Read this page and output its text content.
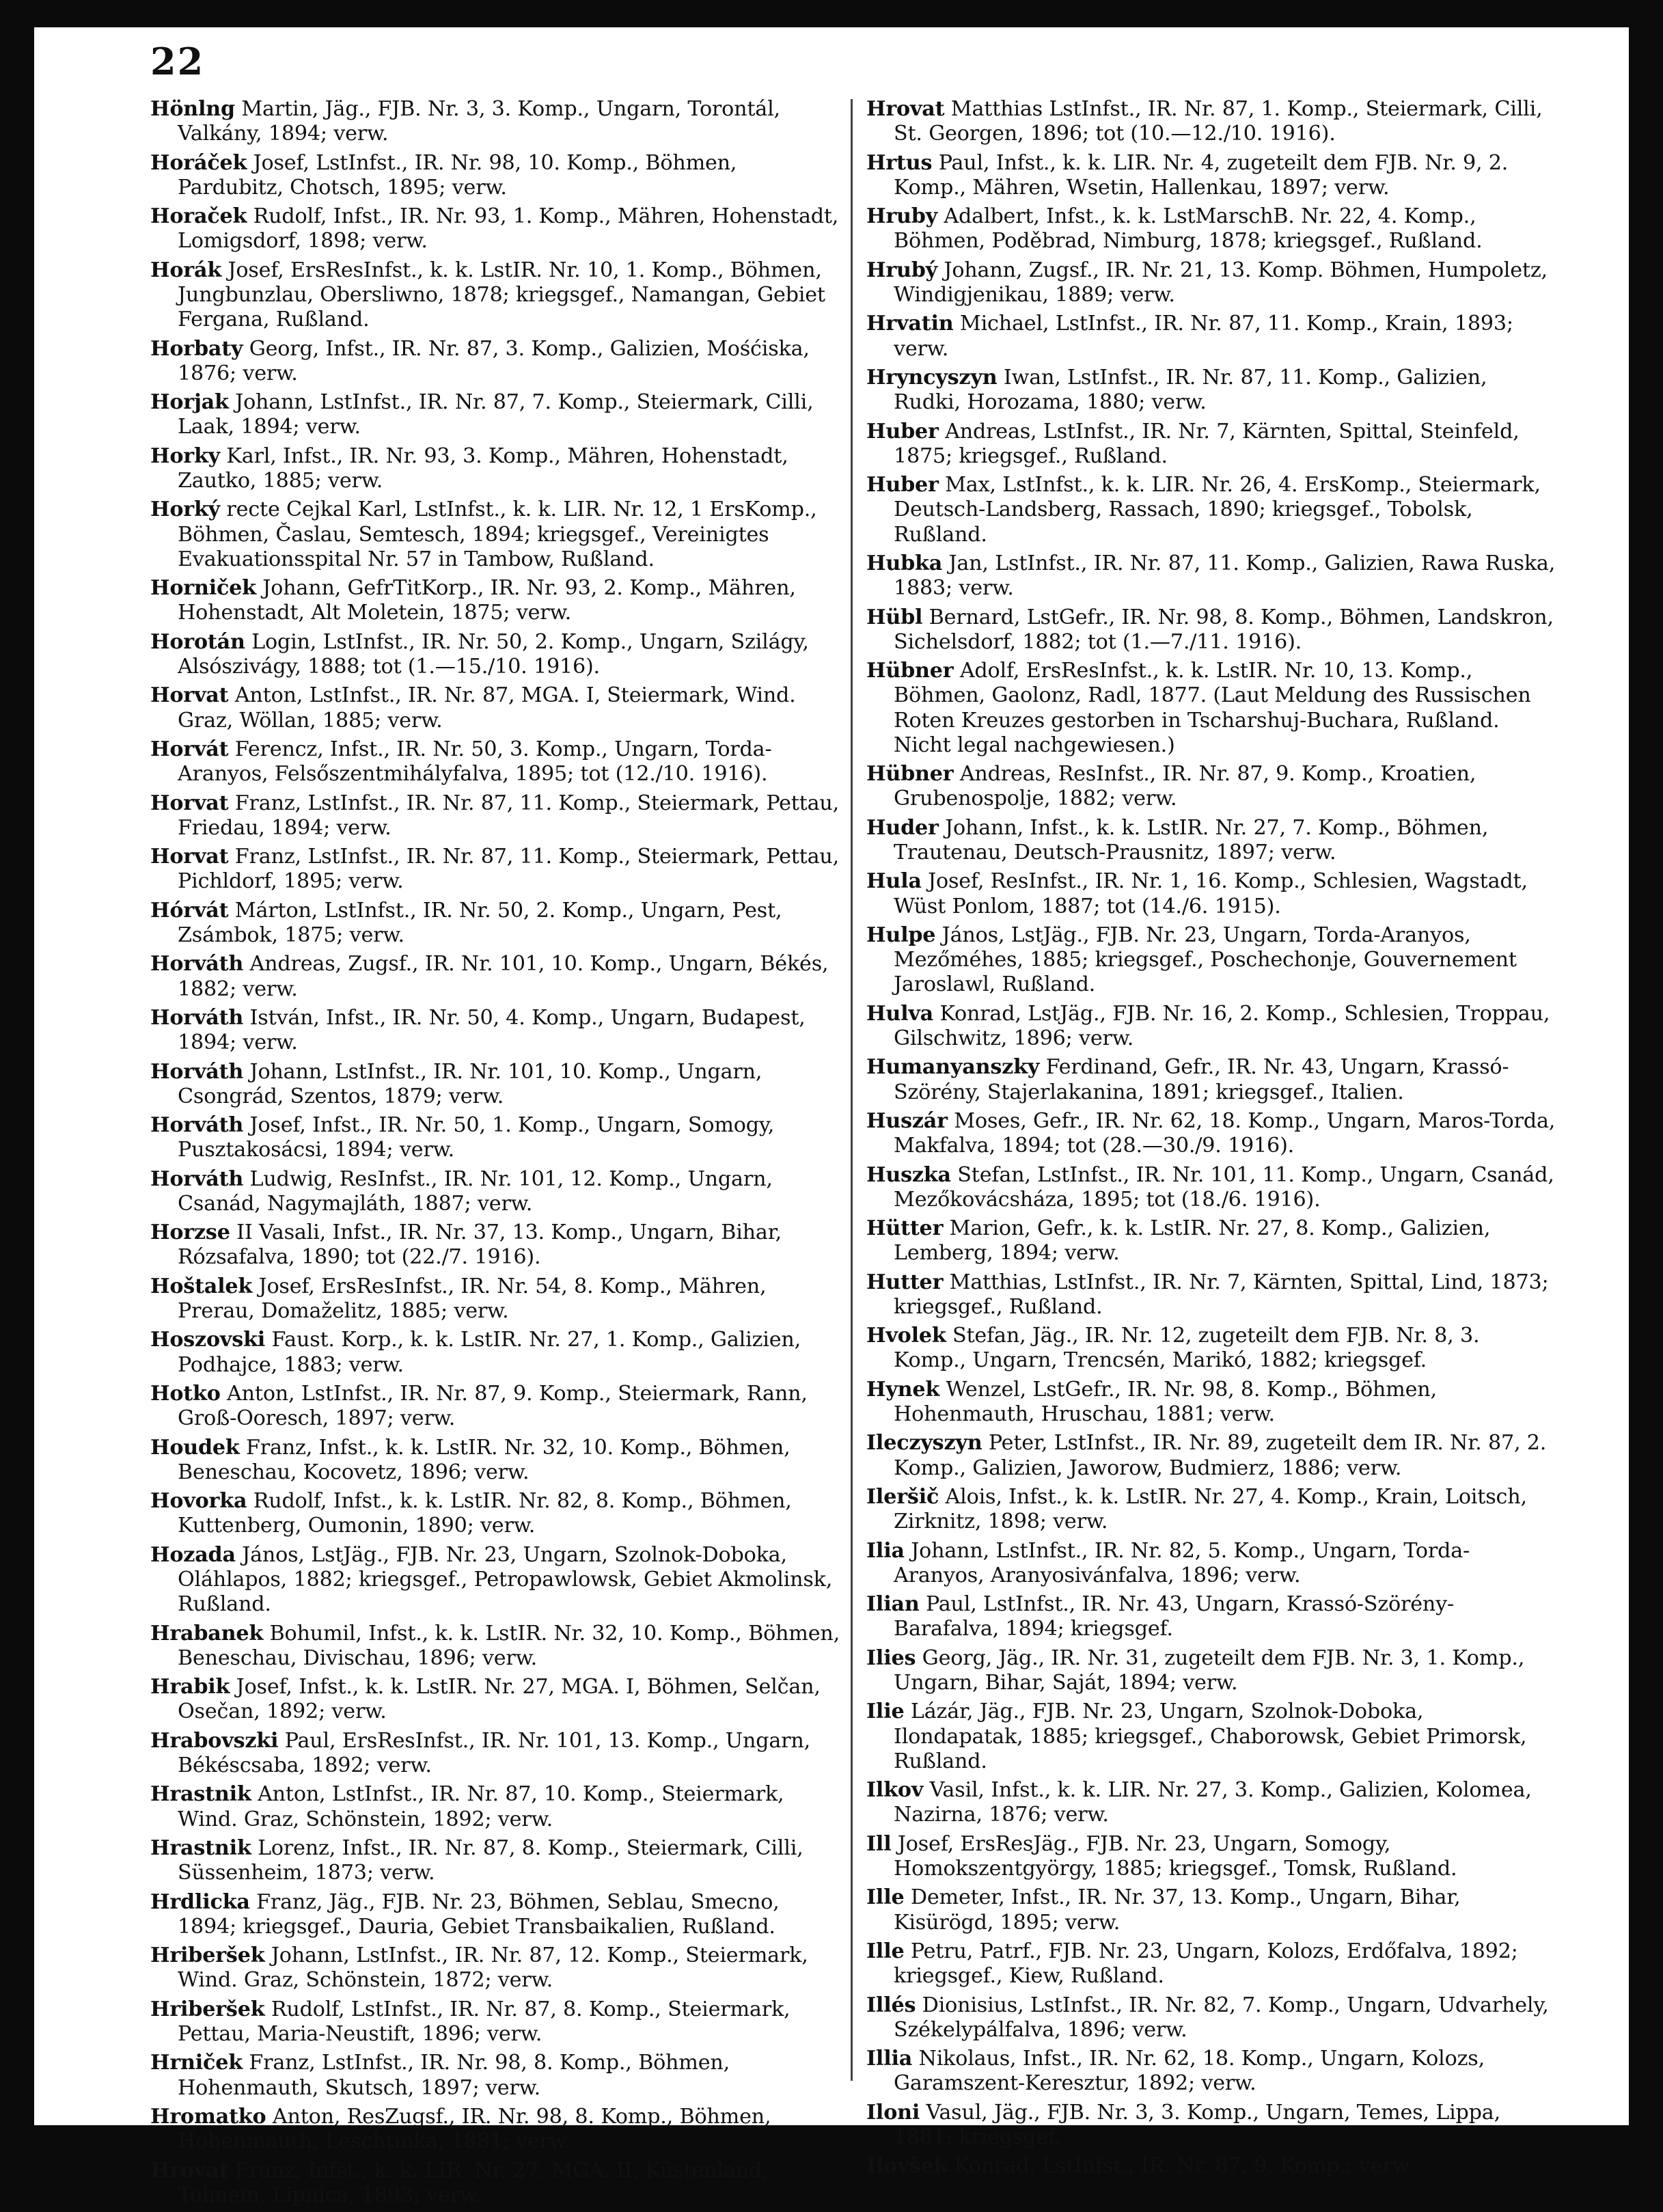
22

Hönlng Martin, Jäg., FJB. Nr. 3, 3. Komp., Ungarn, Torontál, Valkány, 1894; verw.

Horáček Josef, LstInfst., IR. Nr. 98, 10. Komp., Böhmen, Pardubitz, Chotsch, 1895; verw.

Horaček Rudolf, Infst., IR. Nr. 93, 1. Komp., Mähren, Hohenstadt, Lomigsdorf, 1898; verw.

Horák Josef, ErsResInfst., k. k. LstIR. Nr. 10, 1. Komp., Böhmen, Jungbunzlau, Obersliwno, 1878; kriegsgef., Namangan, Gebiet Fergana, Rußland.

Horbaty Georg, Infst., IR. Nr. 87, 3. Komp., Galizien, Mośćiska, 1876; verw.

Horjak Johann, LstInfst., IR. Nr. 87, 7. Komp., Steiermark, Cilli, Laak, 1894; verw.

Horky Karl, Infst., IR. Nr. 93, 3. Komp., Mähren, Hohenstadt, Zautko, 1885; verw.

Horký recte Cejkal Karl, LstInfst., k. k. LIR. Nr. 12, 1 ErsKomp., Böhmen, Časlau, Semtesch, 1894; kriegsgef., Vereinigtes Evakuationsspital Nr. 57 in Tambow, Rußland.

Horniček Johann, GefrTitKorp., IR. Nr. 93, 2. Komp., Mähren, Hohenstadt, Alt Moletein, 1875; verw.

Horotán Login, LstInfst., IR. Nr. 50, 2. Komp., Ungarn, Szilágy, Alsószivágy, 1888; tot (1.—15./10. 1916).

Horvat Anton, LstInfst., IR. Nr. 87, MGA. I, Steiermark, Wind. Graz, Wöllan, 1885; verw.

Horvát Ferencz, Infst., IR. Nr. 50, 3. Komp., Ungarn, Torda-Aranyos, Felsőszentmihályfalva, 1895; tot (12./10. 1916).

Horvat Franz, LstInfst., IR. Nr. 87, 11. Komp., Steiermark, Pettau, Friedau, 1894; verw.

Horvat Franz, LstInfst., IR. Nr. 87, 11. Komp., Steiermark, Pettau, Pichldorf, 1895; verw.

Hórvát Márton, LstInfst., IR. Nr. 50, 2. Komp., Ungarn, Pest, Zsámbok, 1875; verw.

Horváth Andreas, Zugsf., IR. Nr. 101, 10. Komp., Ungarn, Békés, 1882; verw.

Horváth István, Infst., IR. Nr. 50, 4. Komp., Ungarn, Budapest, 1894; verw.

Horváth Johann, LstInfst., IR. Nr. 101, 10. Komp., Ungarn, Csongrád, Szentos, 1879; verw.

Horváth Josef, Infst., IR. Nr. 50, 1. Komp., Ungarn, Somogy, Pusztakosácsi, 1894; verw.

Horváth Ludwig, ResInfst., IR. Nr. 101, 12. Komp., Ungarn, Csanád, Nagymajláth, 1887; verw.

Horzse II Vasali, Infst., IR. Nr. 37, 13. Komp., Ungarn, Bihar, Rózsafalva, 1890; tot (22./7. 1916).

Hoštalek Josef, ErsResInfst., IR. Nr. 54, 8. Komp., Mähren, Prerau, Domaželitz, 1885; verw.

Hoszovski Faust. Korp., k. k. LstIR. Nr. 27, 1. Komp., Galizien, Podhajce, 1883; verw.

Hotko Anton, LstInfst., IR. Nr. 87, 9. Komp., Steiermark, Rann, Groß-Ooresch, 1897; verw.

Houdek Franz, Infst., k. k. LstIR. Nr. 32, 10. Komp., Böhmen, Beneschau, Kocovetz, 1896; verw.

Hovorka Rudolf, Infst., k. k. LstIR. Nr. 82, 8. Komp., Böhmen, Kuttenberg, Oumonin, 1890; verw.

Hozada János, LstJäg., FJB. Nr. 23, Ungarn, Szolnok-Doboka, Oláhlapos, 1882; kriegsgef., Petropawlowsk, Gebiet Akmolinsk, Rußland.

Hrabanek Bohumil, Infst., k. k. LstIR. Nr. 32, 10. Komp., Böhmen, Beneschau, Divischau, 1896; verw.

Hrabik Josef, Infst., k. k. LstIR. Nr. 27, MGA. I, Böhmen, Selčan, Osečan, 1892; verw.

Hrabovszki Paul, ErsResInfst., IR. Nr. 101, 13. Komp., Ungarn, Békéscsaba, 1892; verw.

Hrastnik Anton, LstInfst., IR. Nr. 87, 10. Komp., Steiermark, Wind. Graz, Schönstein, 1892; verw.

Hrastnik Lorenz, Infst., IR. Nr. 87, 8. Komp., Steiermark, Cilli, Süssenheim, 1873; verw.

Hrdlicka Franz, Jäg., FJB. Nr. 23, Böhmen, Seblau, Smecno, 1894; kriegsgef., Dauria, Gebiet Transbaikalien, Rußland.

Hriberšek Johann, LstInfst., IR. Nr. 87, 12. Komp., Steiermark, Wind. Graz, Schönstein, 1872; verw.

Hriberšek Rudolf, LstInfst., IR. Nr. 87, 8. Komp., Steiermark, Pettau, Maria-Neustift, 1896; verw.

Hrniček Franz, LstInfst., IR. Nr. 98, 8. Komp., Böhmen, Hohenmauth, Skutsch, 1897; verw.

Hromatko Anton, ResZugsf., IR. Nr. 98, 8. Komp., Böhmen, Hohenmauth, Leschtinka, 1881; verw.

Hrovat Franz, Infst., k. k. LIR. Nr. 27, MGA. II, Küstenland, Tolmein, Lipnica, 1893; verw.

Hrovat Matthias LstInfst., IR. Nr. 87, 1. Komp., Steiermark, Cilli, St. Georgen, 1896; tot (10.—12./10. 1916).

Hrtus Paul, Infst., k. k. LIR. Nr. 4, zugeteilt dem FJB. Nr. 9, 2. Komp., Mähren, Wsetin, Hallenkau, 1897; verw.

Hruby Adalbert, Infst., k. k. LstMarschB. Nr. 22, 4. Komp., Böhmen, Poděbrad, Nimburg, 1878; kriegsgef., Rußland.

Hrubý Johann, Zugsf., IR. Nr. 21, 13. Komp. Böhmen, Humpoletz, Windigjenikau, 1889; verw.

Hrvatin Michael, LstInfst., IR. Nr. 87, 11. Komp., Krain, 1893; verw.

Hryncyszyn Iwan, LstInfst., IR. Nr. 87, 11. Komp., Galizien, Rudki, Horozama, 1880; verw.

Huber Andreas, LstInfst., IR. Nr. 7, Kärnten, Spittal, Steinfeld, 1875; kriegsgef., Rußland.

Huber Max, LstInfst., k. k. LIR. Nr. 26, 4. ErsKomp., Steiermark, Deutsch-Landsberg, Rassach, 1890; kriegsgef., Tobolsk, Rußland.

Hubka Jan, LstInfst., IR. Nr. 87, 11. Komp., Galizien, Rawa Ruska, 1883; verw.

Hübl Bernard, LstGefr., IR. Nr. 98, 8. Komp., Böhmen, Landskron, Sichelsdorf, 1882; tot (1.—7./11. 1916).

Hübner Adolf, ErsResInfst., k. k. LstIR. Nr. 10, 13. Komp., Böhmen, Gaolonz, Radl, 1877. (Laut Meldung des Russischen Roten Kreuzes gestorben in Tscharshuj-Buchara, Rußland. Nicht legal nachgewiesen.)

Hübner Andreas, ResInfst., IR. Nr. 87, 9. Komp., Kroatien, Grubenospolje, 1882; verw.

Huder Johann, Infst., k. k. LstIR. Nr. 27, 7. Komp., Böhmen, Trautenau, Deutsch-Prausnitz, 1897; verw.

Hula Josef, ResInfst., IR. Nr. 1, 16. Komp., Schlesien, Wagstadt, Wüst Ponlom, 1887; tot (14./6. 1915).

Hulpe János, LstJäg., FJB. Nr. 23, Ungarn, Torda-Aranyos, Mezőméhes, 1885; kriegsgef., Poschechonje, Gouvernement Jaroslawl, Rußland.

Hulva Konrad, LstJäg., FJB. Nr. 16, 2. Komp., Schlesien, Troppau, Gilschwitz, 1896; verw.

Humanyanszky Ferdinand, Gefr., IR. Nr. 43, Ungarn, Krassó-Szörény, Stajerlakanina, 1891; kriegsgef., Italien.

Huszár Moses, Gefr., IR. Nr. 62, 18. Komp., Ungarn, Maros-Torda, Makfalva, 1894; tot (28.—30./9. 1916).

Huszka Stefan, LstInfst., IR. Nr. 101, 11. Komp., Ungarn, Csanád, Mezőkovácsháza, 1895; tot (18./6. 1916).

Hütter Marion, Gefr., k. k. LstIR. Nr. 27, 8. Komp., Galizien, Lemberg, 1894; verw.

Hutter Matthias, LstInfst., IR. Nr. 7, Kärnten, Spittal, Lind, 1873; kriegsgef., Rußland.

Hvolek Stefan, Jäg., IR. Nr. 12, zugeteilt dem FJB. Nr. 8, 3. Komp., Ungarn, Trencsén, Marikó, 1882; kriegsgef.

Hynek Wenzel, LstGefr., IR. Nr. 98, 8. Komp., Böhmen, Hohenmauth, Hruschau, 1881; verw.

Ileczyszyn Peter, LstInfst., IR. Nr. 89, zugeteilt dem IR. Nr. 87, 2. Komp., Galizien, Jaworow, Budmierz, 1886; verw.

Ileršič Alois, Infst., k. k. LstIR. Nr. 27, 4. Komp., Krain, Loitsch, Zirknitz, 1898; verw.

Ilia Johann, LstInfst., IR. Nr. 82, 5. Komp., Ungarn, Torda-Aranyos, Aranyosivánfalva, 1896; verw.

Ilian Paul, LstInfst., IR. Nr. 43, Ungarn, Krassó-Szörény-Barafalva, 1894; kriegsgef.

Ilies Georg, Jäg., IR. Nr. 31, zugeteilt dem FJB. Nr. 3, 1. Komp., Ungarn, Bihar, Saját, 1894; verw.

Ilie Lázár, Jäg., FJB. Nr. 23, Ungarn, Szolnok-Doboka, Ilondapatak, 1885; kriegsgef., Chaborowsk, Gebiet Primorsk, Rußland.

Ilkov Vasil, Infst., k. k. LIR. Nr. 27, 3. Komp., Galizien, Kolomea, Nazirna, 1876; verw.

Ill Josef, ErsResJäg., FJB. Nr. 23, Ungarn, Somogy, Homokszentgyörgy, 1885; kriegsgef., Tomsk, Rußland.

Ille Demeter, Infst., IR. Nr. 37, 13. Komp., Ungarn, Bihar, Kisürögd, 1895; verw.

Ille Petru, Patrf., FJB. Nr. 23, Ungarn, Kolozs, Erdőfalva, 1892; kriegsgef., Kiew, Rußland.

Illés Dionisius, LstInfst., IR. Nr. 82, 7. Komp., Ungarn, Udvarhely, Székelypálfalva, 1896; verw.

Illia Nikolaus, Infst., IR. Nr. 62, 18. Komp., Ungarn, Kolozs, Garamszent-Keresztur, 1892; verw.

Iloni Vasul, Jäg., FJB. Nr. 3, 3. Komp., Ungarn, Temes, Lippa, 1881; kriegsgef.

Ilovšek Konrad, LstInfst., IR. Nr. 87, 9. Komp.; verw.
